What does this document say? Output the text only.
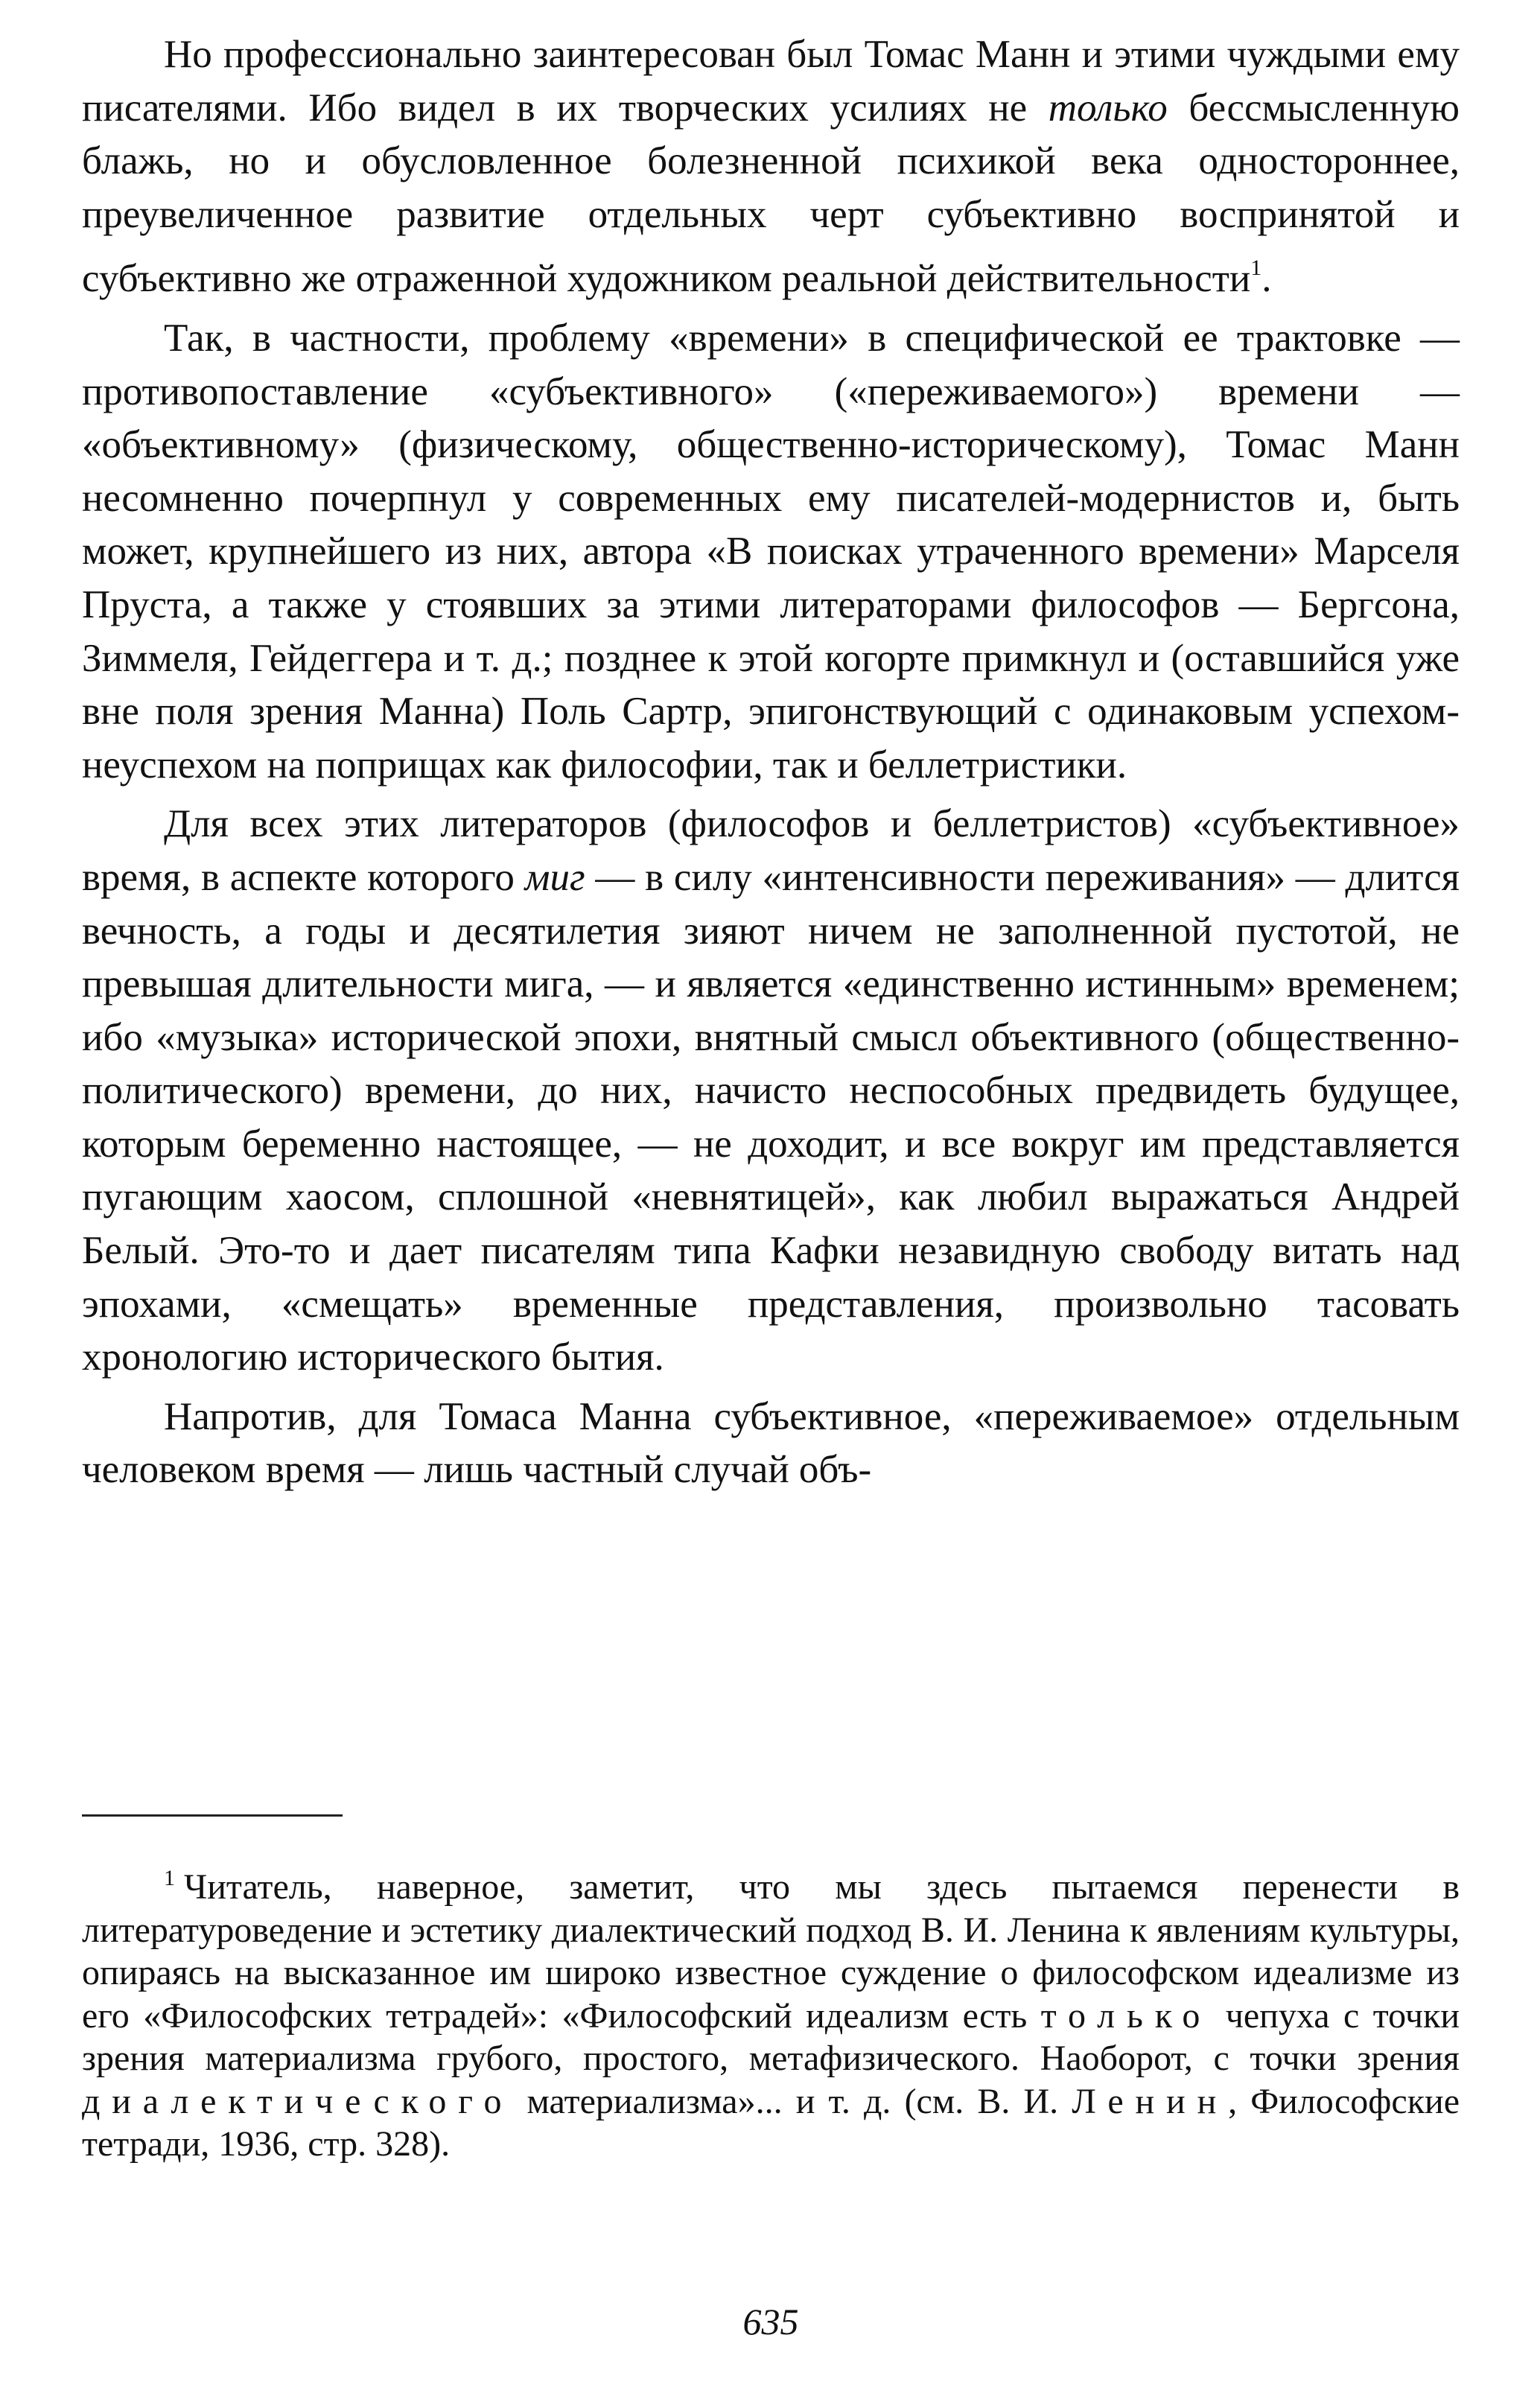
Но профессионально заинтересован был Томас Манн и этими чуждыми ему писателями. Ибо видел в их творческих усилиях не только бессмысленную блажь, но и обусловленное болезненной психикой века одностороннее, преувеличенное развитие отдельных черт субъективно воспринятой и субъективно же отраженной художником реальной действительности$^1$.

Так, в частности, проблему «времени» в специфической ее трактовке — противопоставление «субъективного» («переживаемого») времени — «объективному» (физическому, общественно-историческому), Томас Манн несомненно почерпнул у современных ему писателей-модернистов и, быть может, крупнейшего из них, автора «В поисках утраченного времени» Марселя Пруста, а также у стоявших за этими литераторами философов — Бергсона, Зиммеля, Гейдеггера и т. д.; позднее к этой когорте примкнул и (оставшийся уже вне поля зрения Манна) Поль Сартр, эпигонствующий с одинаковым успехом-неуспехом на поприщах как философии, так и беллетристики.

Для всех этих литераторов (философов и беллетристов) «субъективное» время, в аспекте которого миг — в силу «интенсивности переживания» — длится вечность, а годы и десятилетия зияют ничем не заполненной пустотой, не превышая длительности мига, — и является «единственно истинным» временем; ибо «музыка» исторической эпохи, внятный смысл объективного (общественно-политического) времени, до них, начисто неспособных предвидеть будущее, которым беременно настоящее, — не доходит, и все вокруг им представляется пугающим хаосом, сплошной «невнятицей», как любил выражаться Андрей Белый. Это-то и дает писателям типа Кафки незавидную свободу витать над эпохами, «смещать» временные представления, произвольно тасовать хронологию исторического бытия.

Напротив, для Томаса Манна субъективное, «переживаемое» отдельным человеком время — лишь частный случай объ-

$^1$ Читатель, наверное, заметит, что мы здесь пытаемся перенести в литературоведение и эстетику диалектический подход В. И. Ленина к явлениям культуры, опираясь на высказанное им широко известное суждение о философском идеализме из его «Философских тетрадей»: «Философский идеализм есть только чепуха с точки зрения материализма грубого, простого, метафизического. Наоборот, с точки зрения диалектического материализма»... и т. д. (см. В. И. Ленин, Философские тетради, 1936, стр. 328).

635
